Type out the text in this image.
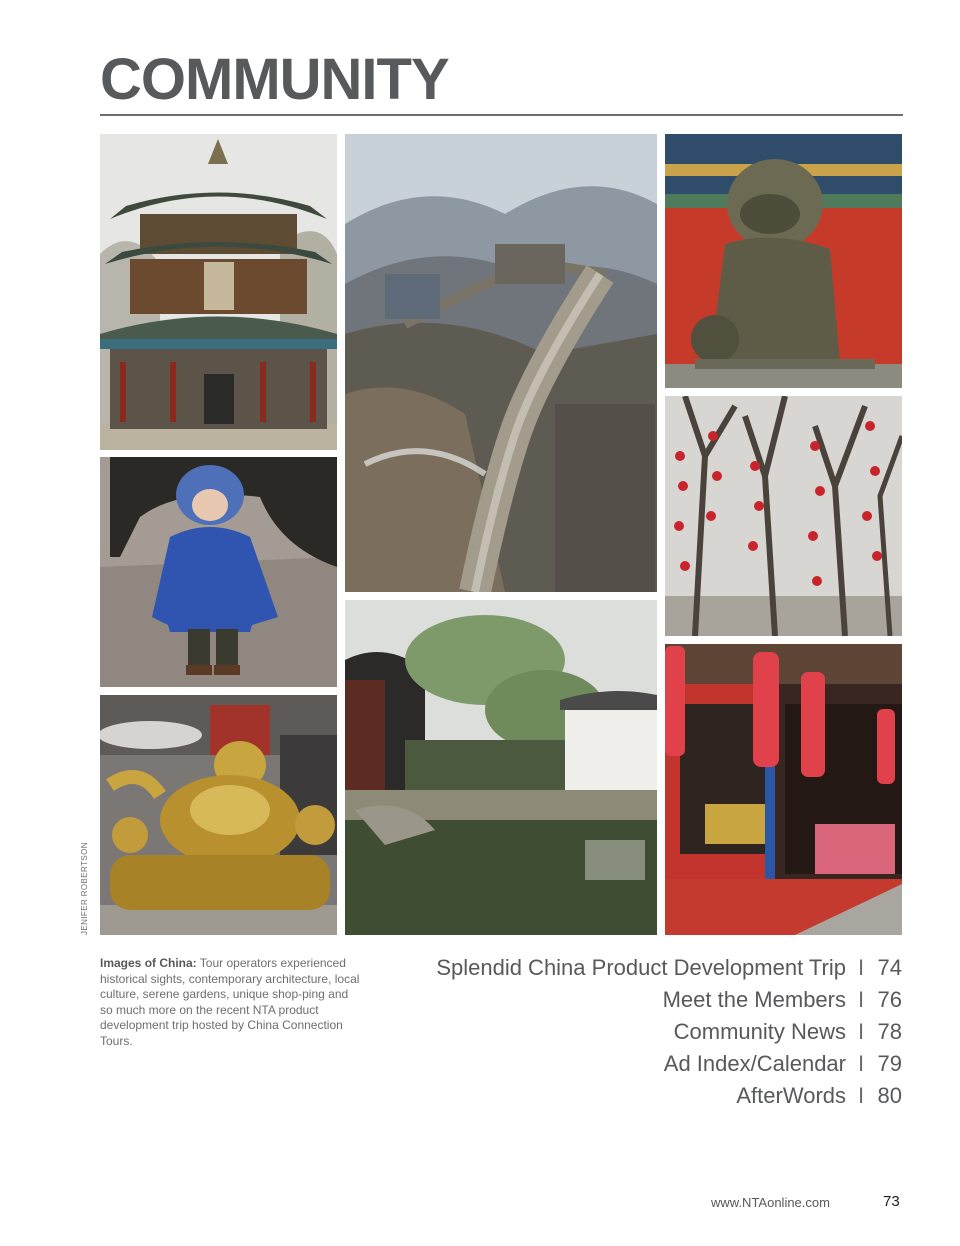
COMMUNITY
JENIFER ROBERTSON

Images of China: Tour operators experienced historical sights, contemporary architecture, local culture, serene gardens, unique shop-ping and so much more on the recent NTA product development trip hosted by China Connection Tours.

Splendid China Product Development Trip I 74
Meet the Members I 76
Community News I 78
Ad Index/Calendar I 79
AfterWords I 80
www.NTAonline.com	73
